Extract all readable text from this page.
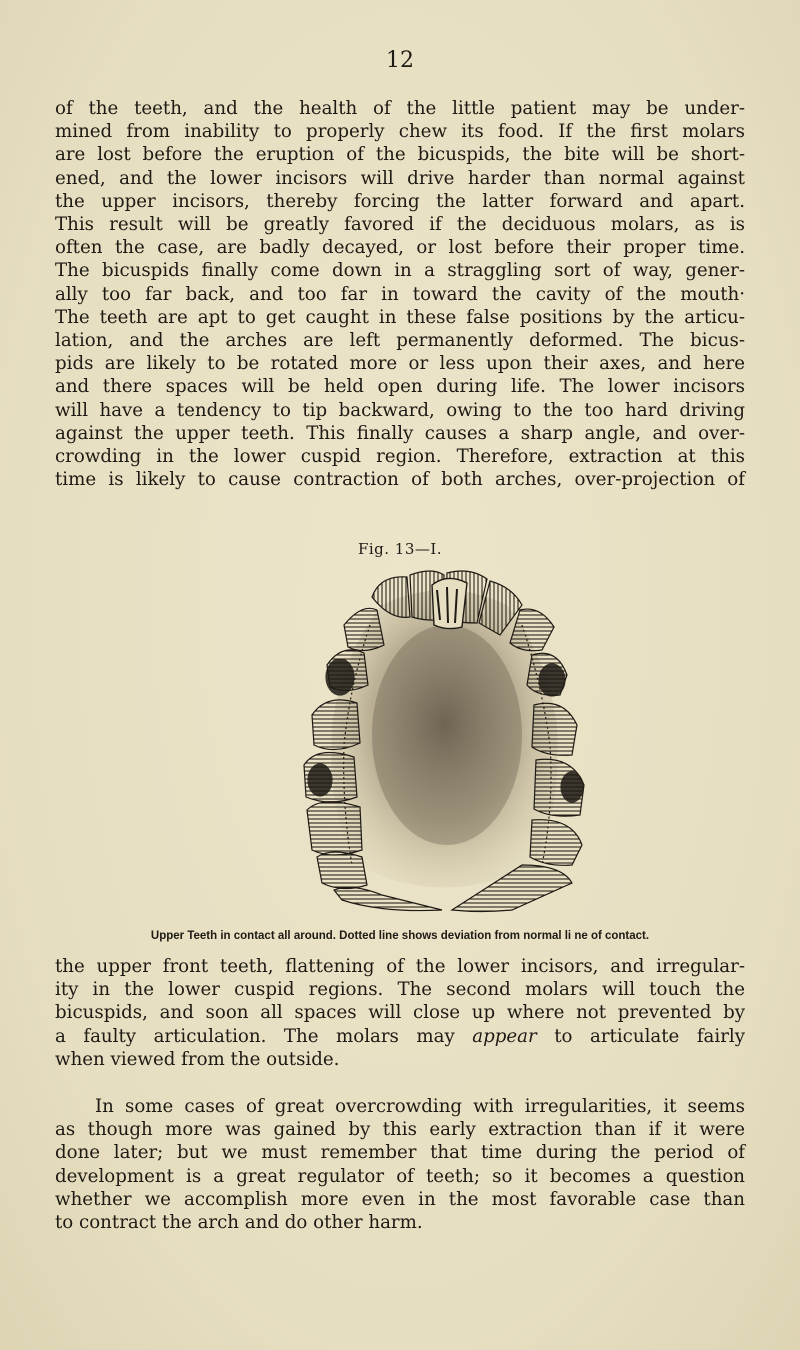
12
of the teeth, and the health of the little patient may be under-
mined from inability to properly chew its food. If the first molars
are lost before the eruption of the bicuspids, the bite will be short-
ened, and the lower incisors will drive harder than normal against
the upper incisors, thereby forcing the latter forward and apart.
This result will be greatly favored if the deciduous molars, as is
often the case, are badly decayed, or lost before their proper time.
The bicuspids finally come down in a straggling sort of way, gener-
ally too far back, and too far in toward the cavity of the mouth·
The teeth are apt to get caught in these false positions by the articu-
lation, and the arches are left permanently deformed. The bicus-
pids are likely to be rotated more or less upon their axes, and here
and there spaces will be held open during life. The lower incisors
will have a tendency to tip backward, owing to the too hard driving
against the upper teeth. This finally causes a sharp angle, and over-
crowding in the lower cuspid region. Therefore, extraction at this
time is likely to cause contraction of both arches, over-projection of
Fig. 13—I.
Upper Teeth in contact all around. Dotted line shows deviation from normal li ne of contact.
the upper front teeth, flattening of the lower incisors, and irregular-
ity in the lower cuspid regions. The second molars will touch the
bicuspids, and soon all spaces will close up where not prevented by
a faulty articulation. The molars may appear to articulate fairly
when viewed from the outside.
In some cases of great overcrowding with irregularities, it seems
as though more was gained by this early extraction than if it were
done later; but we must remember that time during the period of
development is a great regulator of teeth; so it becomes a question
whether we accomplish more even in the most favorable case than
to contract the arch and do other harm.
